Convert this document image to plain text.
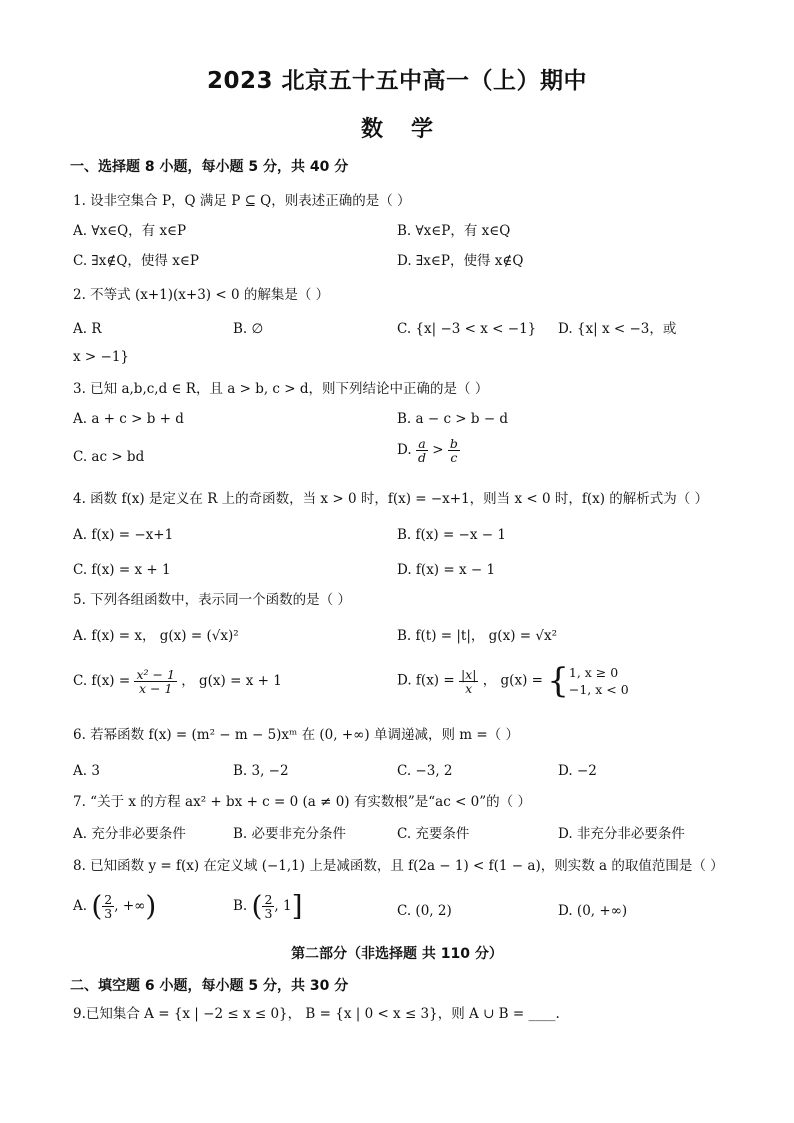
2023 北京五十五中高一（上）期中
数学
一、选择题 8 小题，每小题 5 分，共 40 分
1. 设非空集合 P，Q 满足 P ⊆ Q，则表述正确的是（ ）
A. ∀x∈Q，有 x∈P	B. ∀x∈P，有 x∈Q
C. ∃x∉Q，使得 x∈P	D. ∃x∈P，使得 x∉Q
2. 不等式 (x+1)(x+3) < 0 的解集是（ ）
A. R	B. ∅	C. {x| −3 < x < −1} D. {x| x < −3，或
x > −1}
3. 已知 a,b,c,d ∈ R，且 a > b, c > d，则下列结论中正确的是（ ）
A. a + c > b + d	B. a − c > b − d
C. ac > bd	D. $\frac{a}{d} > \frac{b}{c}$
4. 函数 f(x) 是定义在 R 上的奇函数，当 x > 0 时，f(x) = −x+1，则当 x < 0 时，f(x) 的解析式为（ ）
A. f(x) = −x+1	B. f(x) = −x − 1
C. f(x) = x + 1	D. f(x) = x − 1
5. 下列各组函数中，表示同一个函数的是（ ）
A. f(x) = x， g(x) = (√x)²	B. f(t) = |t|， g(x) = √x²
C. $f(x) = \frac{\text{x² − 1}}{x - 1}$ ， g(x) = x + 1	D. $f(x) = \frac{|x|}{x}$ ， g(x) = { 1, x ≥ 0
−1, x < 0
6. 若幂函数 f(x) = (m² − m − 5)xᵐ 在 (0, +∞) 单调递减，则 m =（ ）
A. 3	B. 3, −2	C. −3, 2	D. −2
7. “关于 x 的方程 ax² + bx + c = 0 (a ≠ 0) 有实数根”是“ac < 0”的（ ）
A. 充分非必要条件	B. 必要非充分条件	C. 充要条件	D. 非充分非必要条件
8. 已知函数 y = f(x) 在定义域 (−1,1) 上是减函数，且 f(2a − 1) < f(1 − a)，则实数 a 的取值范围是（ ）
A. ( $\frac{2}{3}$ , +∞)	B. ( $\frac{2}{3}$ , 1]	C. (0, 2)	D. (0, +∞)
第二部分（非选择题 共 110 分）
二、填空题 6 小题，每小题 5 分，共 30 分
9.已知集合 A = {x | −2 ≤ x ≤ 0}， B = {x | 0 < x ≤ 3}，则 A ∪ B = ____.
